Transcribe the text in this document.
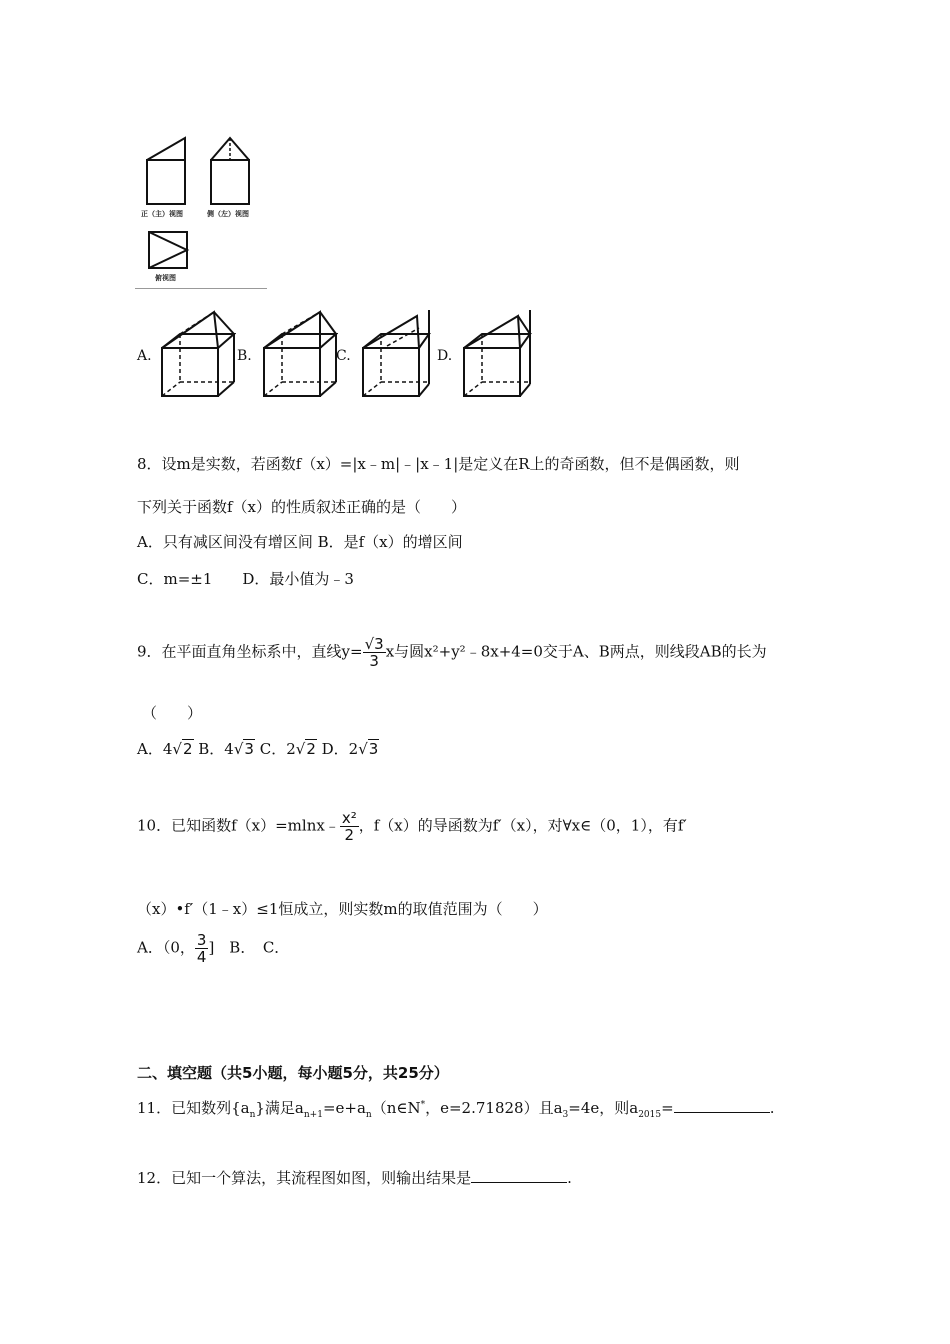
正（主）视图	侧（左）视图
俯视图
A.	B.	C.	D.
8．设m是实数，若函数f（x）=|x﹣m|﹣|x﹣1|是定义在R上的奇函数，但不是偶函数，则
下列关于函数f（x）的性质叙述正确的是（　　）
A．只有减区间没有增区间 B．是f（x）的增区间
C．m=±1　　D．最小值为﹣3
9．在平面直角坐标系中，直线$y= \frac{√3}{3}$ x与圆x²+y²﹣8x+4=0交于A、B两点，则线段AB的长为
（　　）
A．4√2 B．4√3 C．2√2 D．2√3
10．已知函数f（x）=mlnx﹣ $\frac{\text{x²}}{2}$ ，f（x）的导函数为f′（x），对∀x∈（0，1），有f′
（x）•f′（1﹣x）≤1恒成立，则实数m的取值范围为（　　）
A．（0， $\frac{3}{4}$ ]　B．　C．
二、填空题（共5小题，每小题5分，共25分）
11．已知数列$\{a_n\}$满足$a_{n+1}=e+a_n(n\in N^*$，e=2.71828）且$a_3=4e$，则$a_{2015}=$	.
12．已知一个算法，其流程图如图，则输出结果是	.
